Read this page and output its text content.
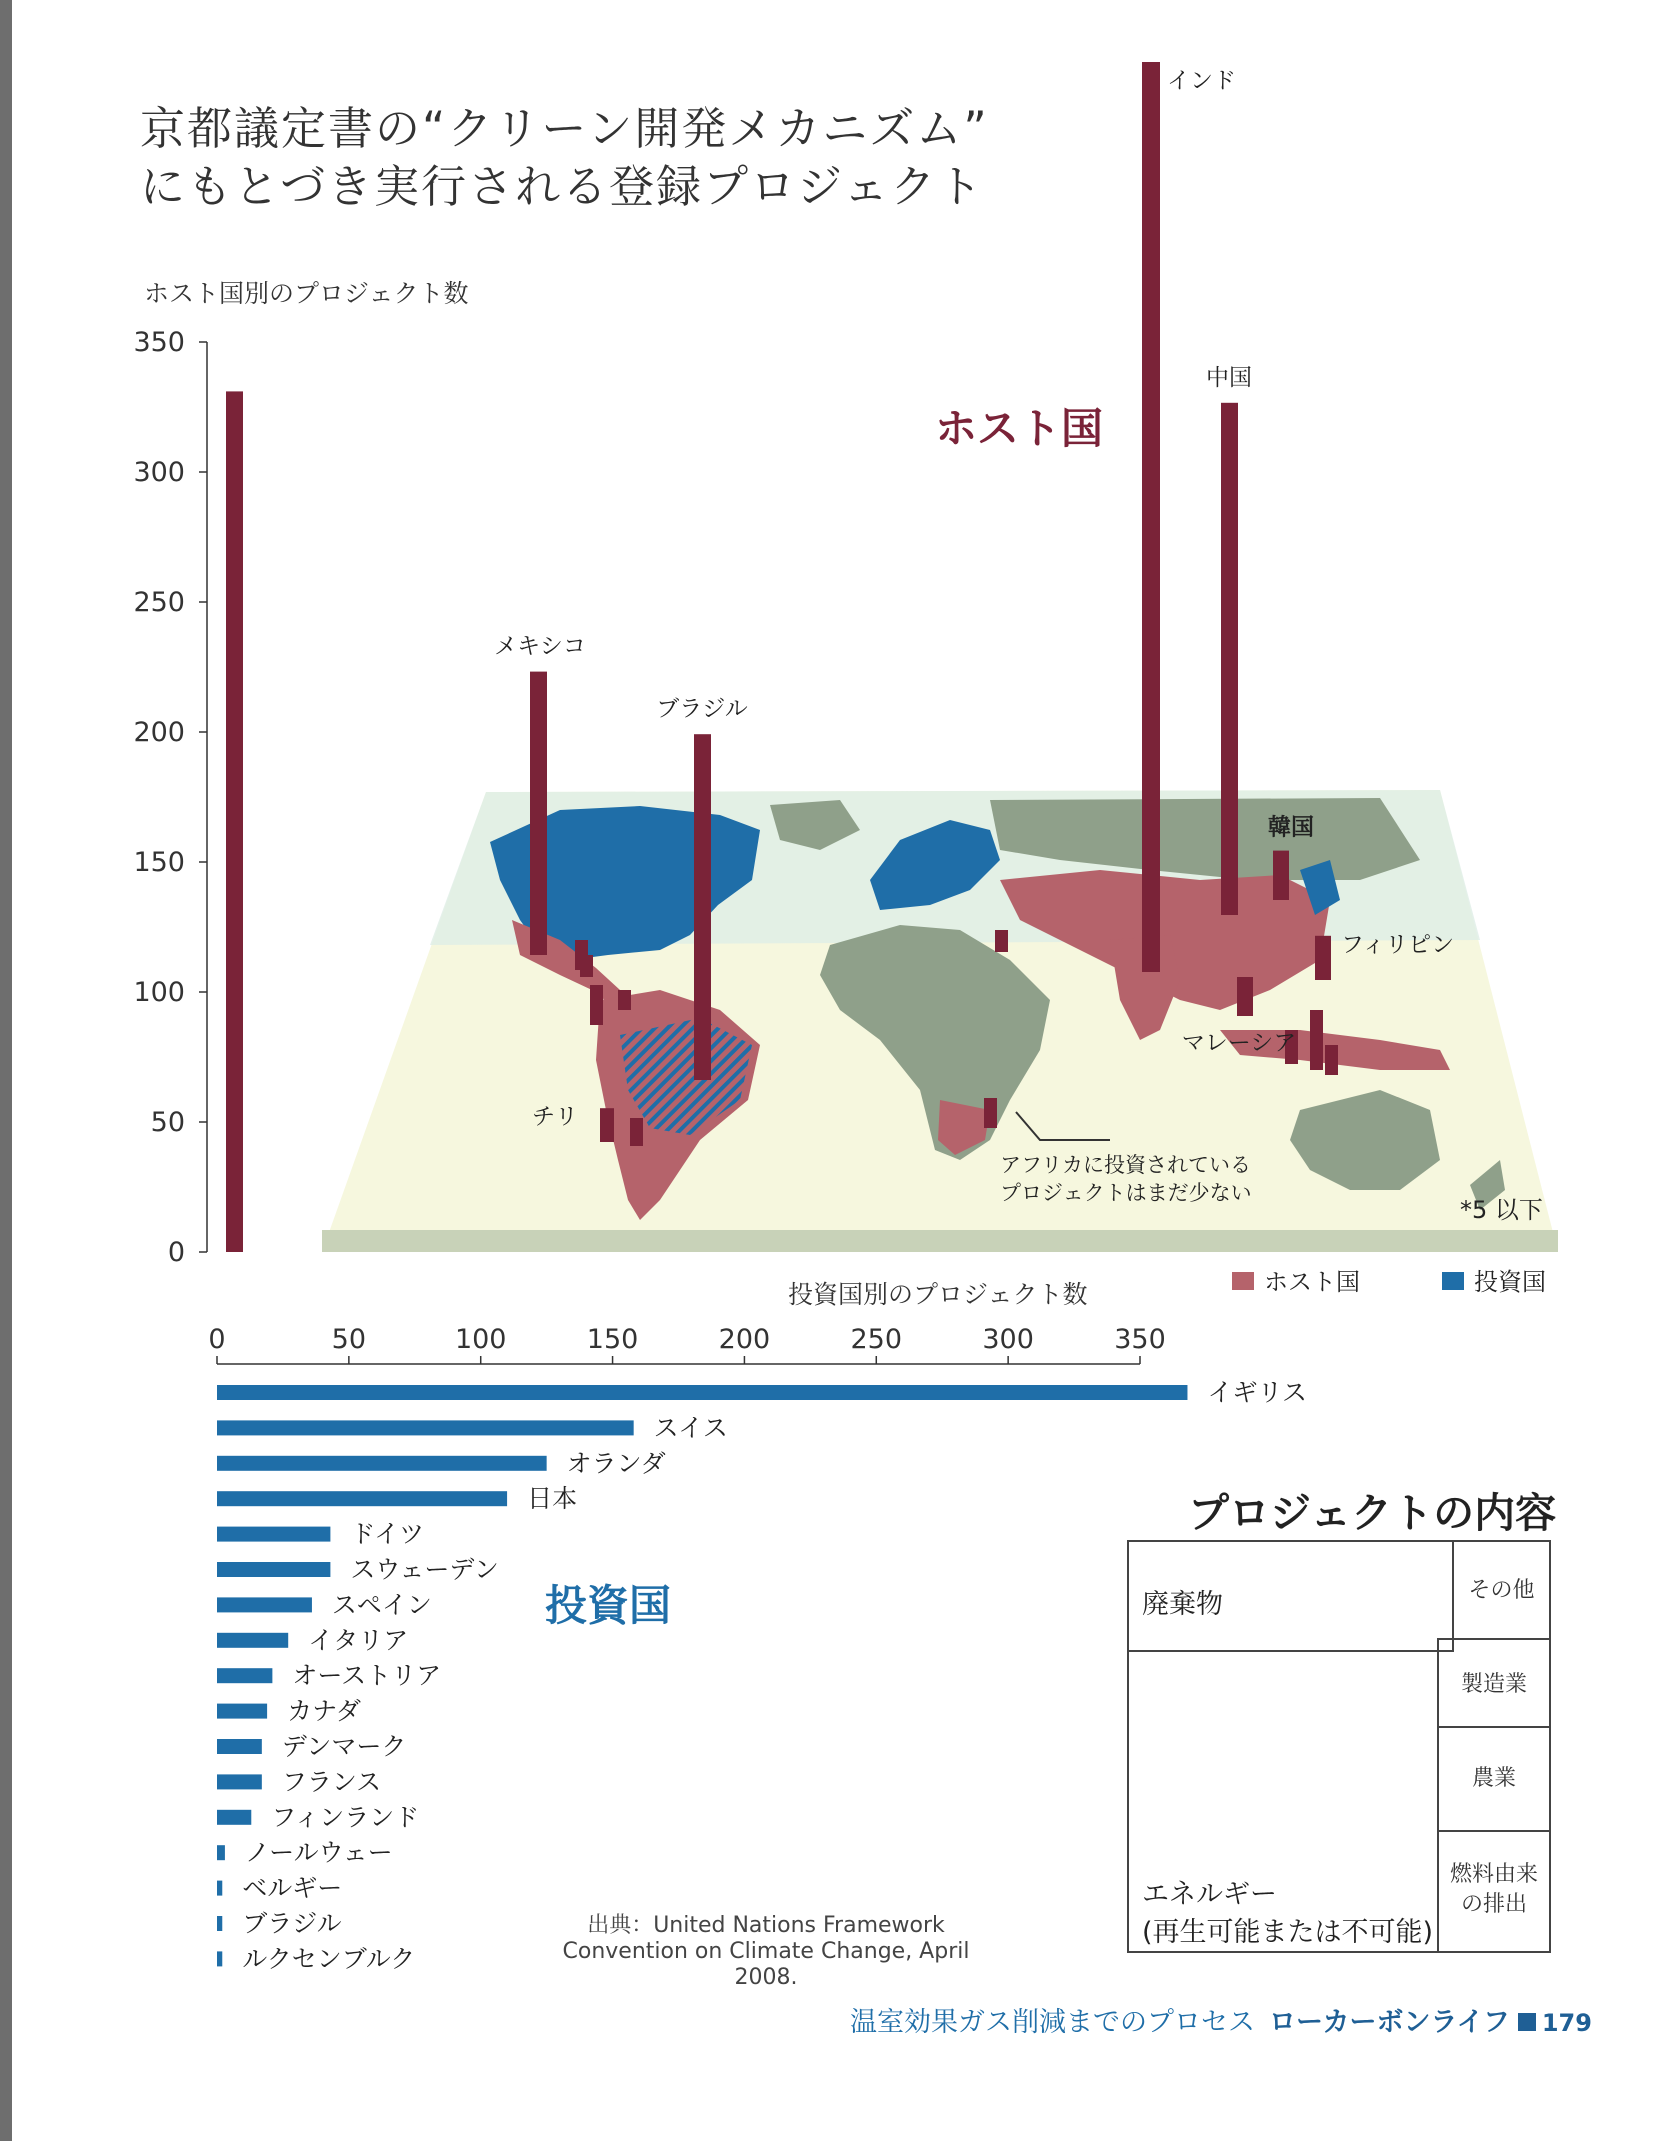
京都議定書の“クリーン開発メカニズム”
にもとづき実行される登録プロジェクト
ホスト国別のプロジェクト数
0
50
100
150
200
250
300
350
インド
中国
ブラジル
メキシコ
韓国
マレーシア
フィリピン
チリ
ホスト国
アフリカに投資されている
プロジェクトはまだ少ない
*5 以下
ホスト国	投資国
投資国別のプロジェクト数
0	50	100	150	200	250	300	350
イギリス
スイス
オランダ
日本
ドイツ
スウェーデン
スペイン
イタリア
オーストリア
カナダ
デンマーク
フランス
フィンランド
ノールウェー
ベルギー
ブラジル
ルクセンブルク
投資国
出典：United Nations Framework
Convention on Climate Change, April 2008.
プロジェクトの内容
廃棄物
エネルギー
(再生可能または不可能)
その他
製造業
農業
燃料由来
の排出
温室効果ガス削減までのプロセス ローカーボンライフ 179
